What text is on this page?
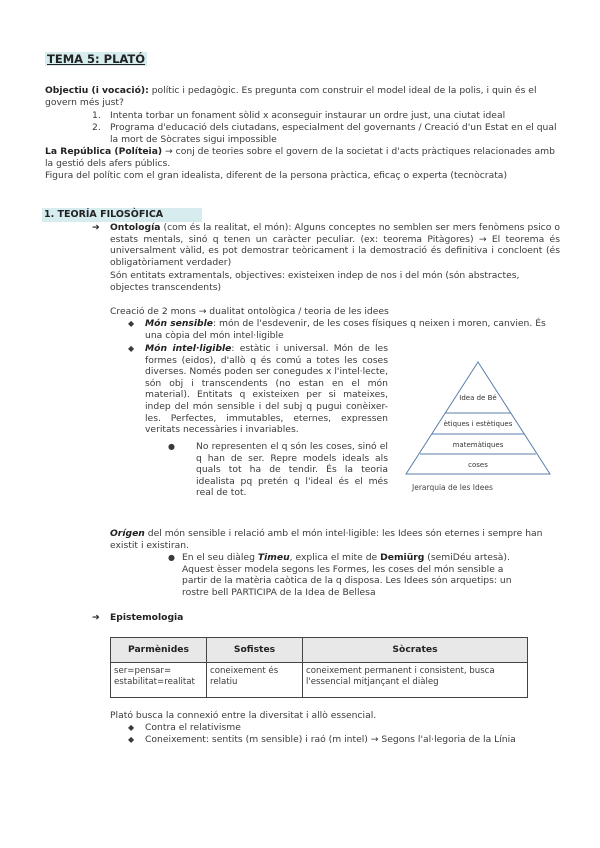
TEMA 5: PLATÓ
Objectiu (i vocació): polític i pedagògic. Es pregunta com construir el model ideal de la polis, i quin és el govern més just?
1. Intenta torbar un fonament sòlid x aconseguir instaurar un ordre just, una ciutat ideal
2. Programa d'educació dels ciutadans, especialment del governants / Creació d'un Estat en el qual la mort de Sòcrates sigui impossible
La República (Políteia) → conj de teories sobre el govern de la societat i d'acts pràctiques relacionades amb la gestió dels afers públics.
Figura del polític com el gran idealista, diferent de la persona pràctica, eficaç o experta (tecnòcrata)
1. TEORÍA FILOSÒFICA
➔ Ontología (com és la realitat, el món): Alguns conceptes no semblen ser mers fenòmens psico o estats mentals, sinó q tenen un caràcter peculiar. (ex: teorema Pitàgores) → El teorema és universalment vàlid, es pot demostrar teòricament i la demostració és definitiva i concloent (és obligatòriament verdader)
Són entitats extramentals, objectives: existeixen indep de nos i del món (són abstractes, objectes transcendents)
Creació de 2 mons → dualitat ontològica / teoria de les idees
◆ Món sensible: món de l'esdevenir, de les coses físiques q neixen i moren, canvien. És una còpia del món intel·ligible
◆ Món intel·ligible: estàtic i universal. Món de les formes (eidos), d'allò q és comú a totes les coses diverses. Només poden ser conegudes x l'intel·lecte, són obj i transcendents (no estan en el món material). Entitats q existeixen per si mateixes, indep del món sensible i del subj q pugui conèixer-les. Perfectes, immutables, eternes, expressen veritats necessàries i invariables.
Idea de Bé
ètiques i estètiques
matemàtiques
coses
Jerarquia de les Idees
● No representen el q són les coses, sinó el q han de ser. Repre models ideals als quals tot ha de tendir. És la teoria idealista pq pretén q l'ideal és el més real de tot.
Orígen del món sensible i relació amb el món intel·ligible: les Idees són eternes i sempre han existit i existiran.
● En el seu diàleg Timeu, explica el mite de Demiürg (semiDéu artesà). Aquest èsser modela segons les Formes, les coses del món sensible a partir de la matèria caòtica de la q disposa. Les Idees són arquetips: un rostre bell PARTICIPA de la Idea de Bellesa
➔ Epistemologia
Parmènides	Sofistes	Sòcrates
ser=pensar= estabilitat=realitat	coneixement és relatiu	coneixement permanent i consistent, busca l'essencial mitjançant el diàleg
Plató busca la connexió entre la diversitat i allò essencial.
◆ Contra el relativisme
◆ Coneixement: sentits (m sensible) i raó (m intel) → Segons l'al·legoria de la Línia
